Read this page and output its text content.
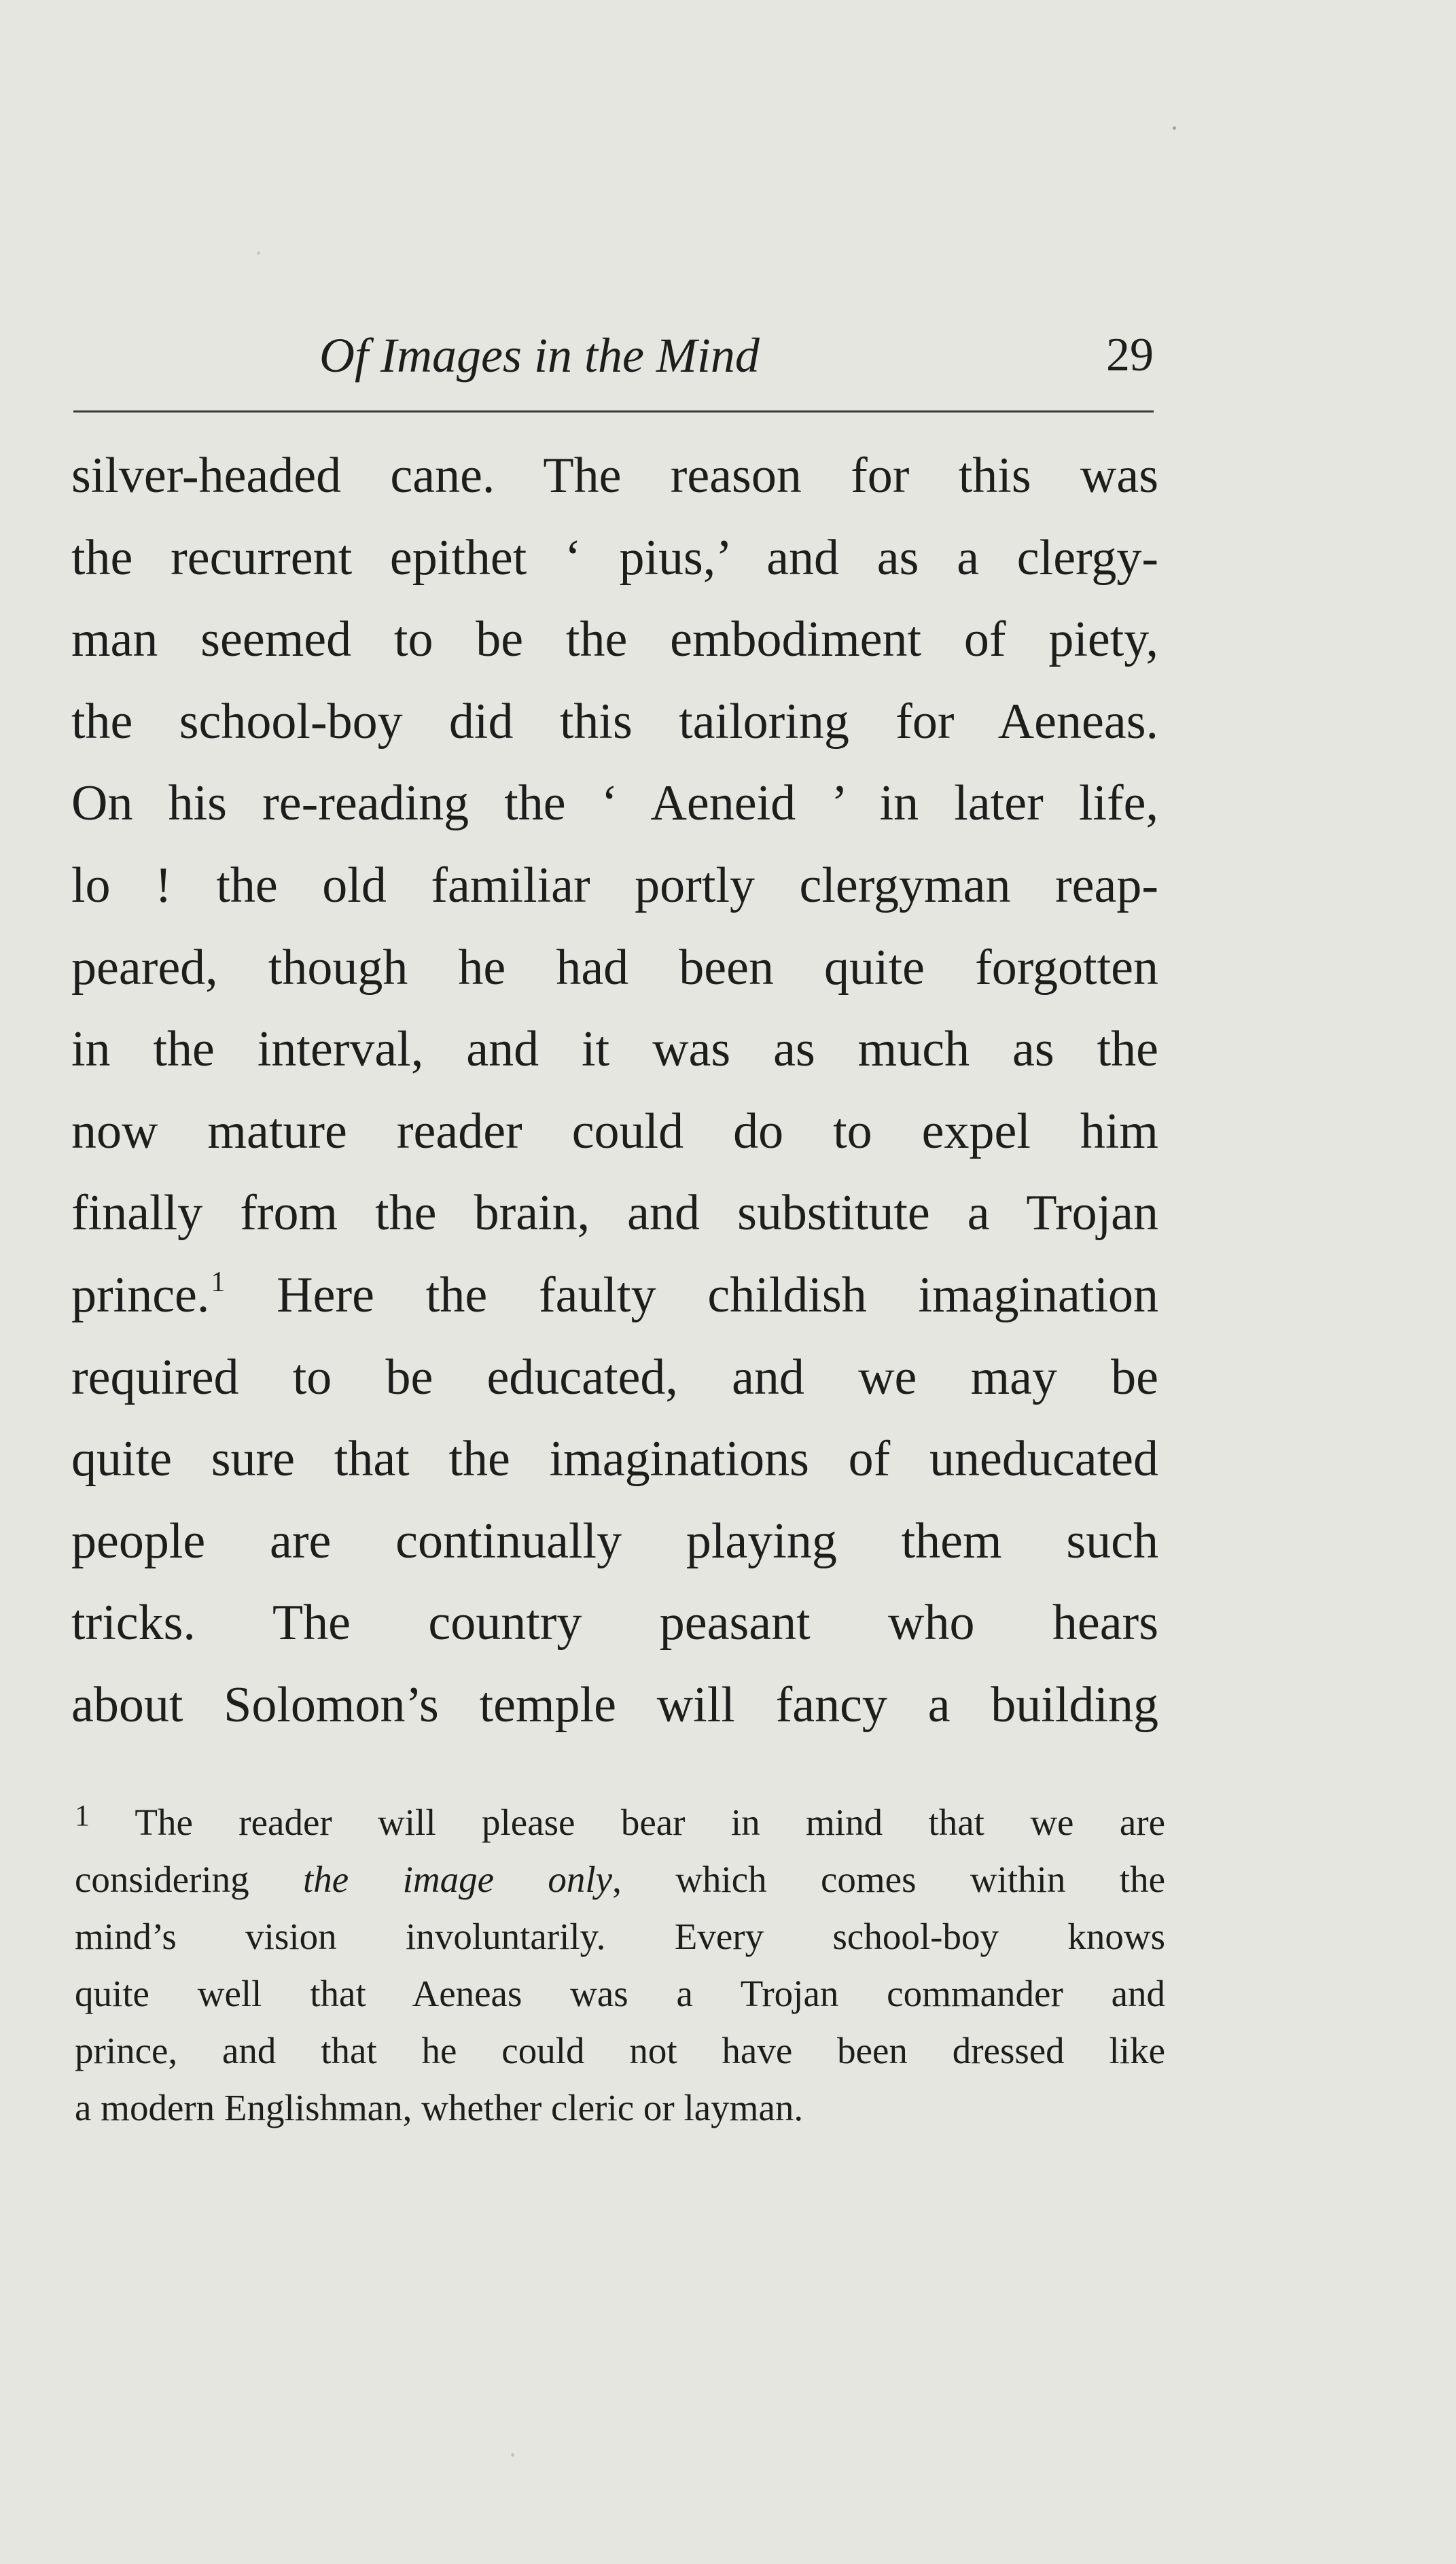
Of Images in the Mind	29
silver-headed cane. The reason for this was
the recurrent epithet ‘ pius,’ and as a clergy-
man seemed to be the embodiment of piety,
the school-boy did this tailoring for Aeneas.
On his re-reading the ‘ Aeneid ’ in later life,
lo ! the old familiar portly clergyman reap-
peared, though he had been quite forgotten
in the interval, and it was as much as the
now mature reader could do to expel him
finally from the brain, and substitute a Trojan
prince.$^1$ Here the faulty childish imagination
required to be educated, and we may be
quite sure that the imaginations of uneducated
people are continually playing them such
tricks. The country peasant who hears
about Solomon’s temple will fancy a building
$^1$ The reader will please bear in mind that we are
considering the image only, which comes within the
mind’s vision involuntarily. Every school-boy knows
quite well that Aeneas was a Trojan commander and
prince, and that he could not have been dressed like
a modern Englishman, whether cleric or layman.
